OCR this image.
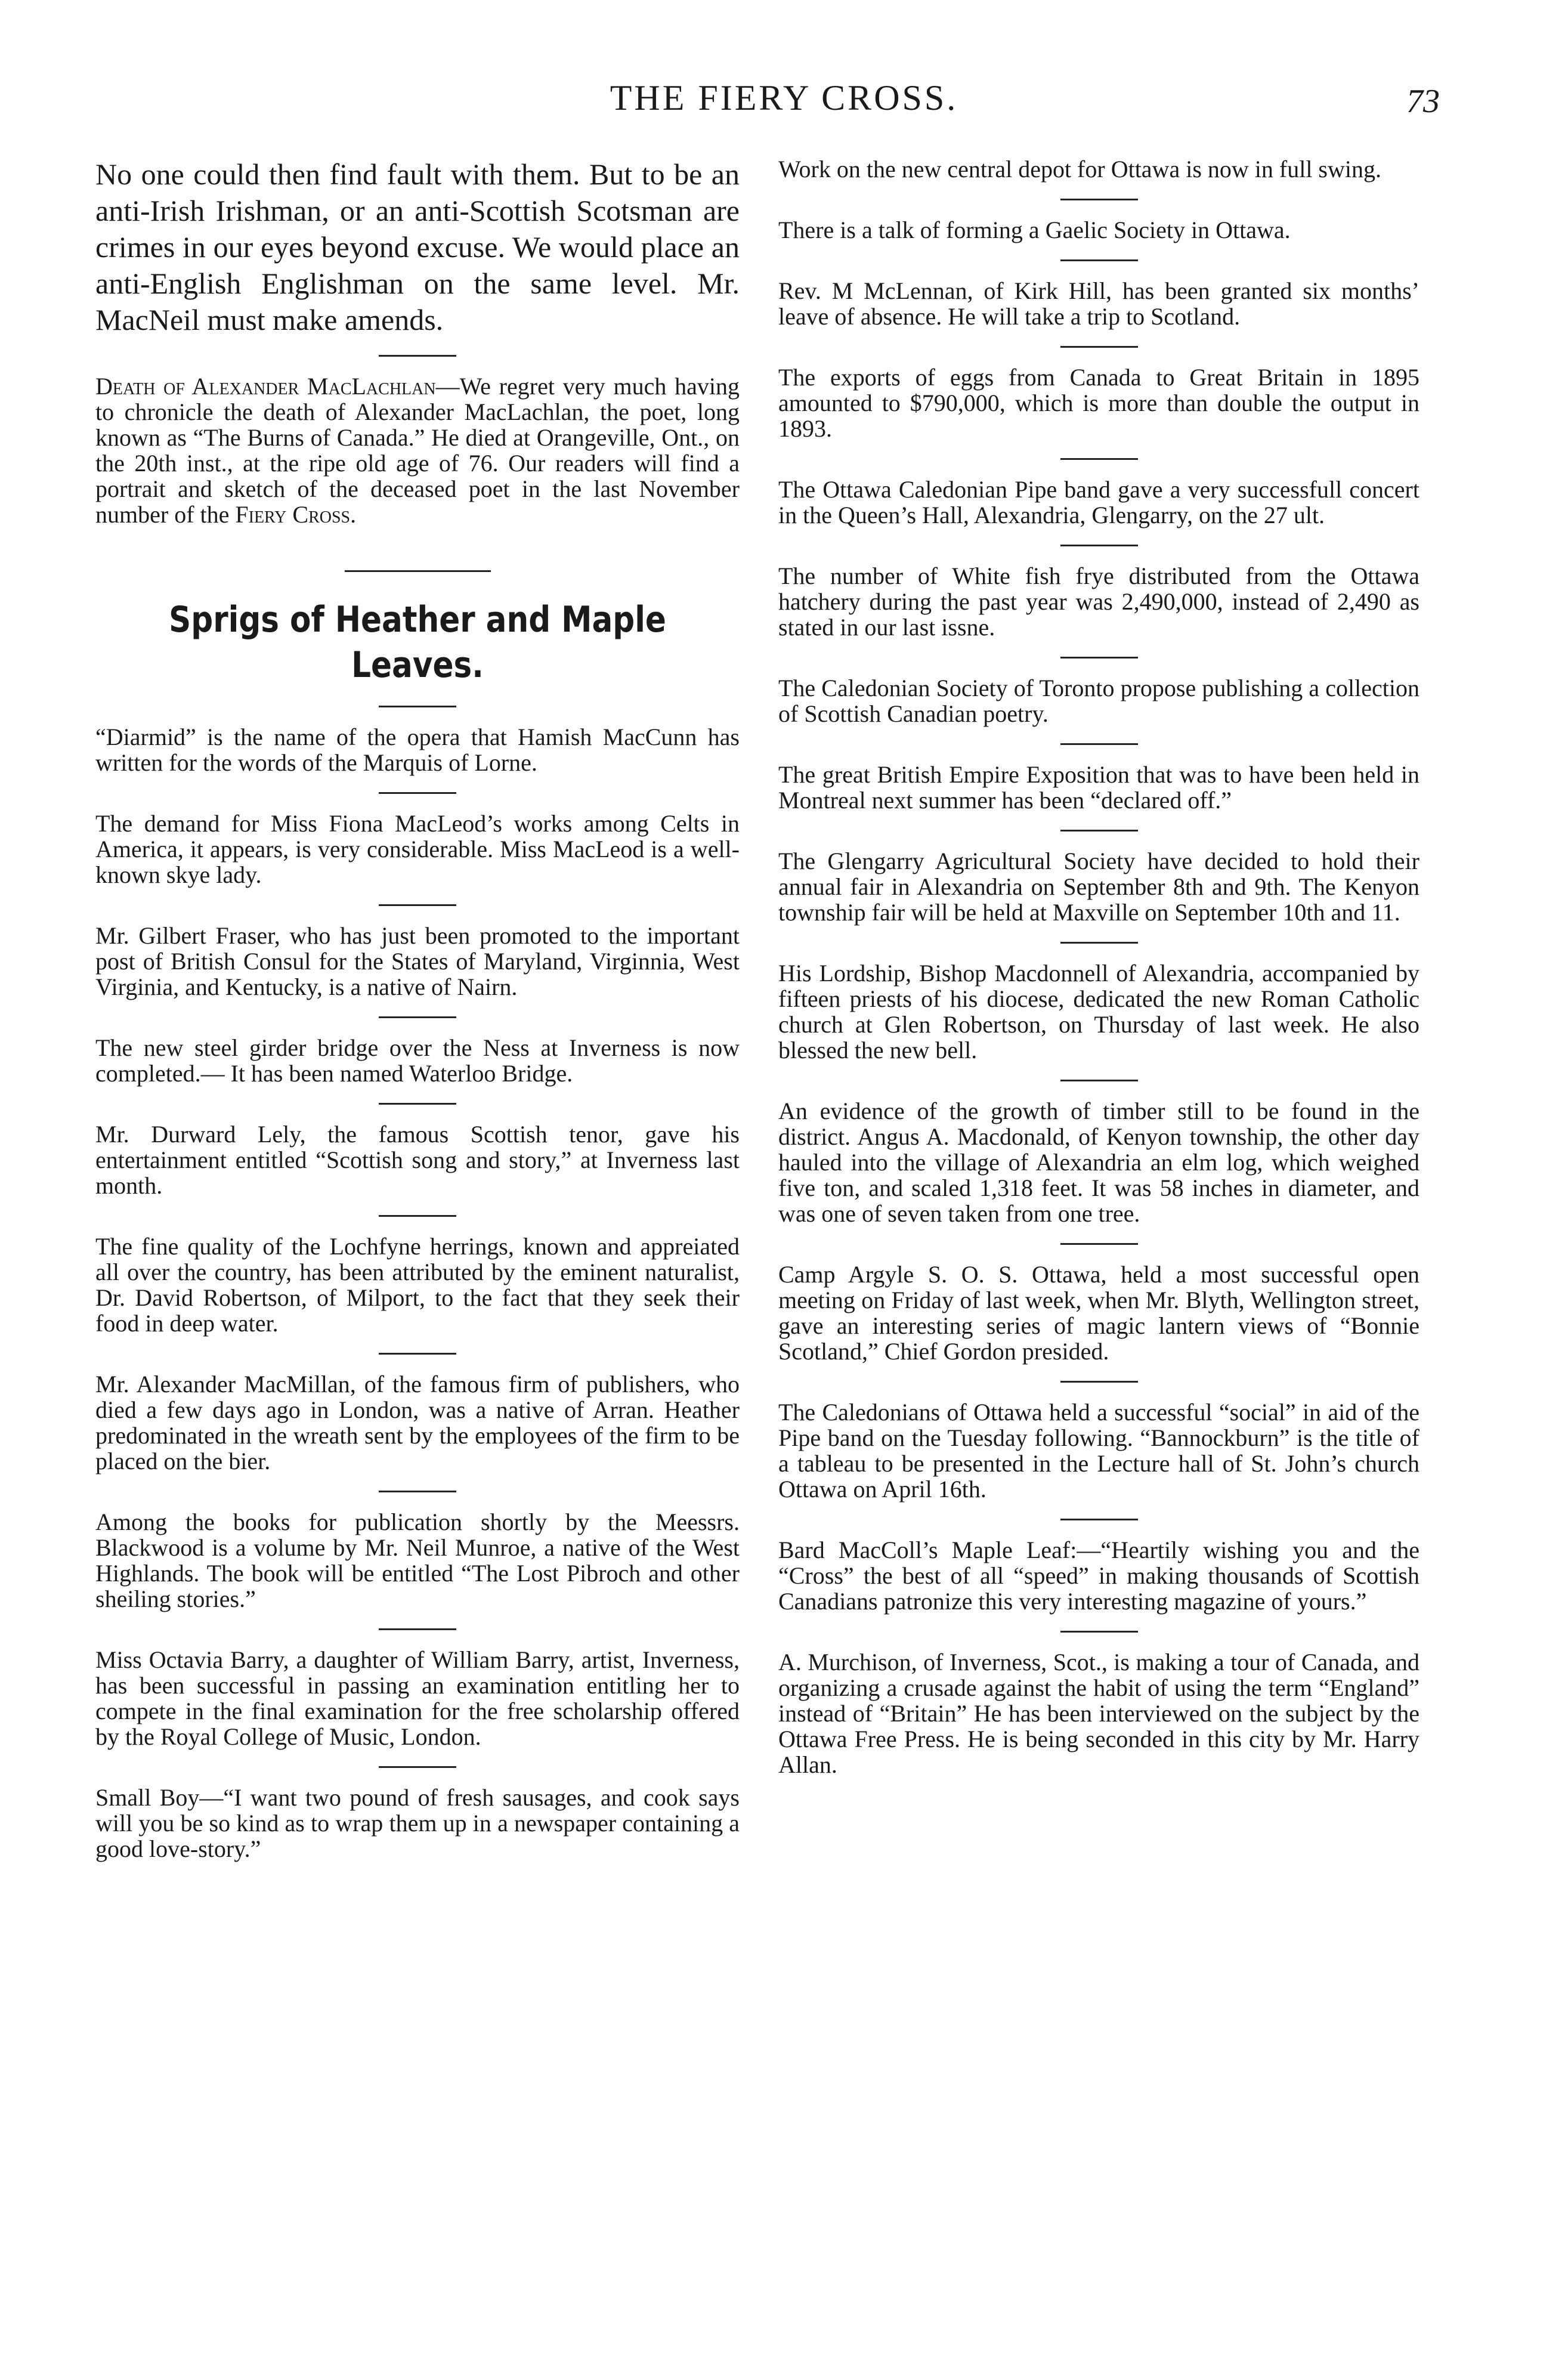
THE FIERY CROSS.	73

No one could then find fault with them. But to be an anti-Irish Irishman, or an anti-Scottish Scotsman are crimes in our eyes beyond excuse. We would place an anti-English Englishman on the same level. Mr. MacNeil must make amends.

Death of Alexander MacLachlan—We regret very much having to chronicle the death of Alexander MacLachlan, the poet, long known as “The Burns of Canada.” He died at Orangeville, Ont., on the 20th inst., at the ripe old age of 76. Our readers will find a portrait and sketch of the deceased poet in the last November number of the Fiery Cross.

Sprigs of Heather and Maple Leaves.

“Diarmid” is the name of the opera that Hamish MacCunn has written for the words of the Marquis of Lorne.

The demand for Miss Fiona MacLeod’s works among Celts in America, it appears, is very considerable. Miss MacLeod is a well-known skye lady.

Mr. Gilbert Fraser, who has just been promoted to the important post of British Consul for the States of Maryland, Virginnia, West Virginia, and Kentucky, is a native of Nairn.

The new steel girder bridge over the Ness at Inverness is now completed.— It has been named Waterloo Bridge.

Mr. Durward Lely, the famous Scottish tenor, gave his entertainment entitled “Scottish song and story,” at Inverness last month.

The fine quality of the Lochfyne herrings, known and appreiated all over the country, has been attributed by the eminent naturalist, Dr. David Robertson, of Milport, to the fact that they seek their food in deep water.

Mr. Alexander MacMillan, of the famous firm of publishers, who died a few days ago in London, was a native of Arran. Heather predominated in the wreath sent by the employees of the firm to be placed on the bier.

Among the books for publication shortly by the Meessrs. Blackwood is a volume by Mr. Neil Munroe, a native of the West Highlands. The book will be entitled “The Lost Pibroch and other sheiling stories.”

Miss Octavia Barry, a daughter of William Barry, artist, Inverness, has been successful in passing an examination entitling her to compete in the final examination for the free scholarship offered by the Royal College of Music, London.

Small Boy—“I want two pound of fresh sausages, and cook says will you be so kind as to wrap them up in a newspaper containing a good love-story.”

Work on the new central depot for Ottawa is now in full swing.

There is a talk of forming a Gaelic Society in Ottawa.

Rev. M McLennan, of Kirk Hill, has been granted six months’ leave of absence. He will take a trip to Scotland.

The exports of eggs from Canada to Great Britain in 1895 amounted to $790,000, which is more than double the output in 1893.

The Ottawa Caledonian Pipe band gave a very successfull concert in the Queen’s Hall, Alexandria, Glengarry, on the 27 ult.

The number of White fish frye distributed from the Ottawa hatchery during the past year was 2,490,000, instead of 2,490 as stated in our last issne.

The Caledonian Society of Toronto propose publishing a collection of Scottish Canadian poetry.

The great British Empire Exposition that was to have been held in Montreal next summer has been “declared off.”

The Glengarry Agricultural Society have decided to hold their annual fair in Alexandria on September 8th and 9th. The Kenyon township fair will be held at Maxville on September 10th and 11.

His Lordship, Bishop Macdonnell of Alexandria, accompanied by fifteen priests of his diocese, dedicated the new Roman Catholic church at Glen Robertson, on Thursday of last week. He also blessed the new bell.

An evidence of the growth of timber still to be found in the district. Angus A. Macdonald, of Kenyon township, the other day hauled into the village of Alexandria an elm log, which weighed five ton, and scaled 1,318 feet. It was 58 inches in diameter, and was one of seven taken from one tree.

Camp Argyle S. O. S. Ottawa, held a most successful open meeting on Friday of last week, when Mr. Blyth, Wellington street, gave an interesting series of magic lantern views of “Bonnie Scotland,” Chief Gordon presided.

The Caledonians of Ottawa held a successful “social” in aid of the Pipe band on the Tuesday following. “Bannockburn” is the title of a tableau to be presented in the Lecture hall of St. John’s church Ottawa on April 16th.

Bard MacColl’s Maple Leaf:—“Heartily wishing you and the “Cross” the best of all “speed” in making thousands of Scottish Canadians patronize this very interesting magazine of yours.”

A. Murchison, of Inverness, Scot., is making a tour of Canada, and organizing a crusade against the habit of using the term “England” instead of “Britain” He has been interviewed on the subject by the Ottawa Free Press. He is being seconded in this city by Mr. Harry Allan.
